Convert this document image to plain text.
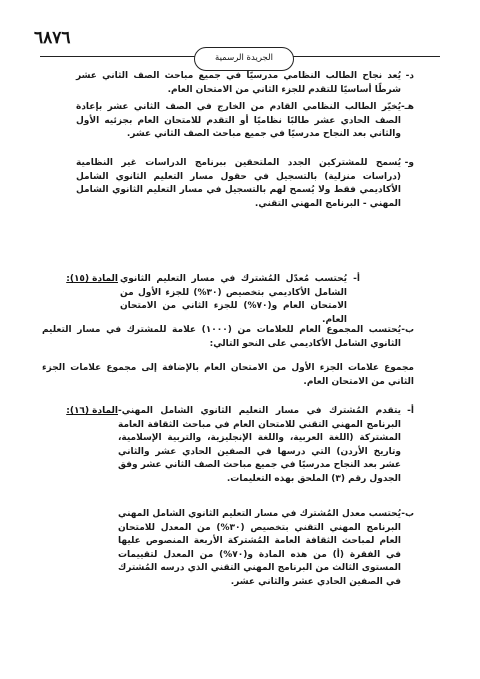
٦٨٧٦
الجريدة الرسمية
د-
يُعد نجاح الطالب النظامي مدرسيًا في جميع مباحث الصف الثاني عشر شرطًا أساسيًا للتقدم للجزء الثاني من الامتحان العام.
هـ-
يُخيّر الطالب النظامي القادم من الخارج في الصف الثاني عشر بإعادة الصف الحادي عشر طالبًا نظاميًا أو التقدم للامتحان العام بجزئيه الأول والثاني بعد النجاح مدرسيًا في جميع مباحث الصف الثاني عشر.
و-
يُسمح للمشتركين الجدد الملتحقين ببرنامج الدراسات غير النظامية (دراسات منزلية) بالتسجيل في حقول مسار التعليم الثانوي الشامل الأكاديمي فقط ولا يُسمح لهم بالتسجيل في مسار التعليم الثانوي الشامل المهني - البرنامج المهني التقني.
المادة (١٥):	أ-
يُحتسب مُعدّل المُشترك في مسار التعليم الثانوي الشامل الأكاديمي بتخصيص (٣٠%) للجزء الأول من الامتحان العام و(٧٠%) للجزء الثاني من الامتحان العام.
ب-
يُحتسب المجموع العام للعلامات من (١٠٠٠) علامة للمشترك في مسار التعليم الثانوي الشامل الأكاديمي على النحو التالي:

مجموع علامات الجزء الأول من الامتحان العام بالإضافة إلى مجموع علامات الجزء الثاني من الامتحان العام.

المادة (١٦):	أ-
يتقدم المُشترك في مسار التعليم الثانوي الشامل المهني- البرنامج المهني التقني للامتحان العام في مباحث الثقافة العامة المشتركة (اللغة العربية، واللغة الإنجليزية، والتربية الإسلامية، وتاريخ الأردن) التي درسها في الصفين الحادي عشر والثاني عشر بعد النجاح مدرسيًا في جميع مباحث الصف الثاني عشر وفق الجدول رقم (٣) الملحق بهذه التعليمات.
ب-
يُحتسب معدل المُشترك في مسار التعليم الثانوي الشامل المهني البرنامج المهني التقني بتخصيص (٣٠%) من المعدل للامتحان العام لمباحث الثقافة العامة المُشتركة الأربعة المنصوص عليها في الفقرة (أ) من هذه المادة و(٧٠%) من المعدل لتقييمات المستوى الثالث من البرنامج المهني التقني الذي درسه المُشترك في الصفين الحادي عشر والثاني عشر.
